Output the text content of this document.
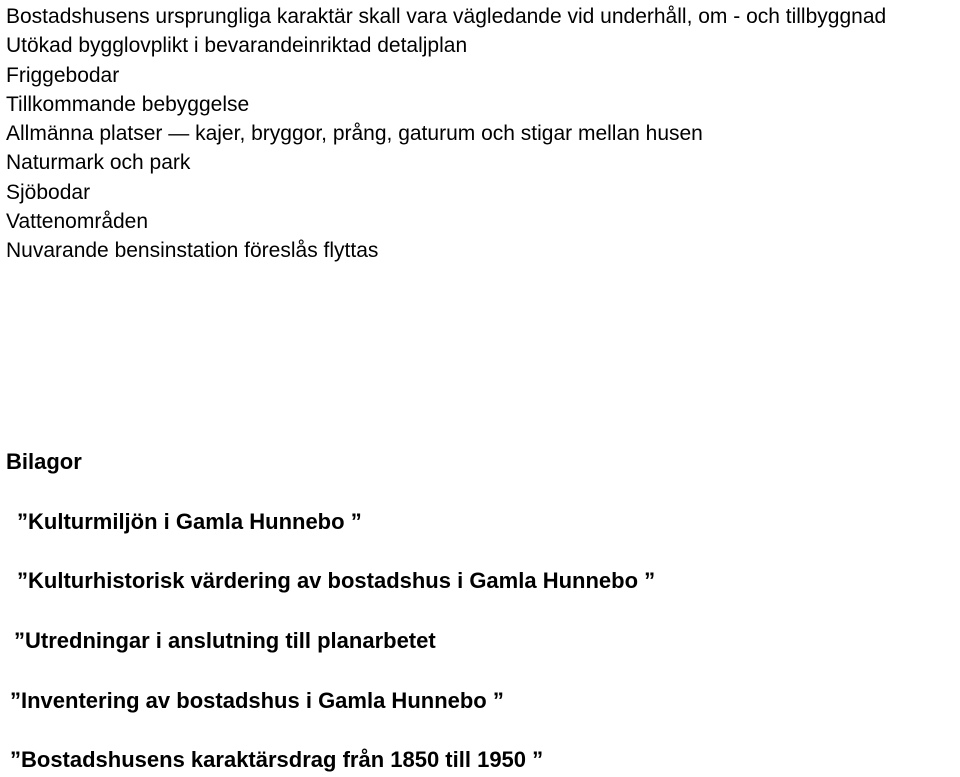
Bostadshusens ursprungliga karaktär skall vara vägledande vid underhåll, om - och tillbyggnad
Utökad bygglovplikt i bevarandeinriktad detaljplan
Friggebodar
Tillkommande bebyggelse
Allmänna platser — kajer, bryggor, prång, gaturum och stigar mellan husen
Naturmark och park
Sjöbodar
Vattenområden
Nuvarande bensinstation föreslås flyttas
Bilagor

”Kulturmiljön i Gamla Hunnebo ”

”Kulturhistorisk värdering av bostadshus i Gamla Hunnebo ”

”Utredningar i anslutning till planarbetet

”Inventering av bostadshus i Gamla Hunnebo ”

”Bostadshusens karaktärsdrag från 1850 till 1950 ”
